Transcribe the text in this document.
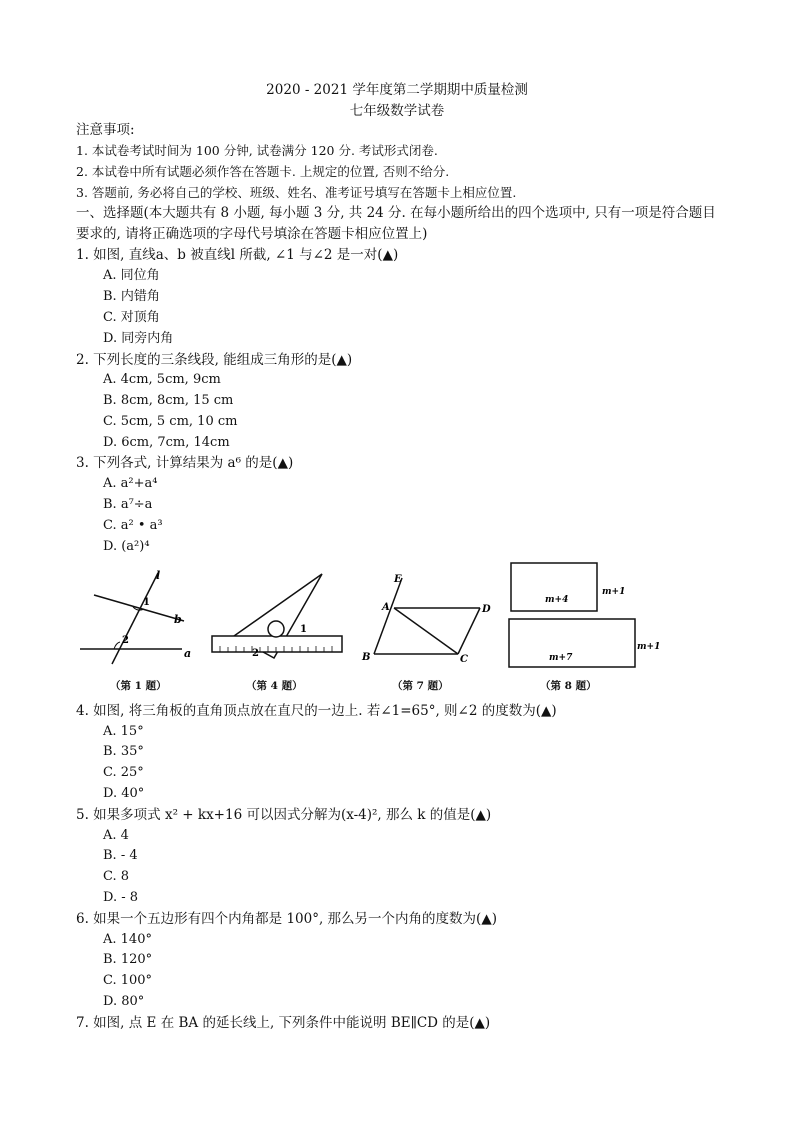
2020 - 2021 学年度第二学期期中质量检测
七年级数学试卷
注意事项:
1. 本试卷考试时间为 100 分钟, 试卷满分 120 分. 考试形式闭卷.
2. 本试卷中所有试题必须作答在答题卡. 上规定的位置, 否则不给分.
3. 答题前, 务必将自己的学校、班级、姓名、准考证号填写在答题卡上相应位置.
一、选择题(本大题共有 8 小题, 每小题 3 分, 共 24 分. 在每小题所给出的四个选项中, 只有一项是符合题目要求的, 请将正确选项的字母代号填涂在答题卡相应位置上)
1. 如图, 直线a、b 被直线l 所截, ∠1 与∠2 是一对(▲)
A. 同位角
B. 内错角
C. 对顶角
D. 同旁内角
2. 下列长度的三条线段, 能组成三角形的是(▲)
A. 4cm, 5cm, 9cm
B. 8cm, 8cm, 15 cm
C. 5cm, 5 cm, 10 cm
D. 6cm, 7cm, 14cm
3. 下列各式, 计算结果为 a⁶ 的是(▲)
A. a²+a⁴
B. a⁷÷a
C. a² • a³
D. (a²)⁴
l
1
b
2
a
1
2
E
A	D
B	C
m+4
m+1
m+7
m+1
（第 1 题）	（第 4 题）	（第 7 题）	（第 8 题）
4. 如图, 将三角板的直角顶点放在直尺的一边上. 若∠1=65°, 则∠2 的度数为(▲)
A. 15°
B. 35°
C. 25°
D. 40°
5. 如果多项式 x² + kx+16 可以因式分解为(x-4)², 那么 k 的值是(▲)
A. 4
B. - 4
C. 8
D. - 8
6. 如果一个五边形有四个内角都是 100°, 那么另一个内角的度数为(▲)
A. 140°
B. 120°
C. 100°
D. 80°
7. 如图, 点 E 在 BA 的延长线上, 下列条件中能说明 BE∥CD 的是(▲)
